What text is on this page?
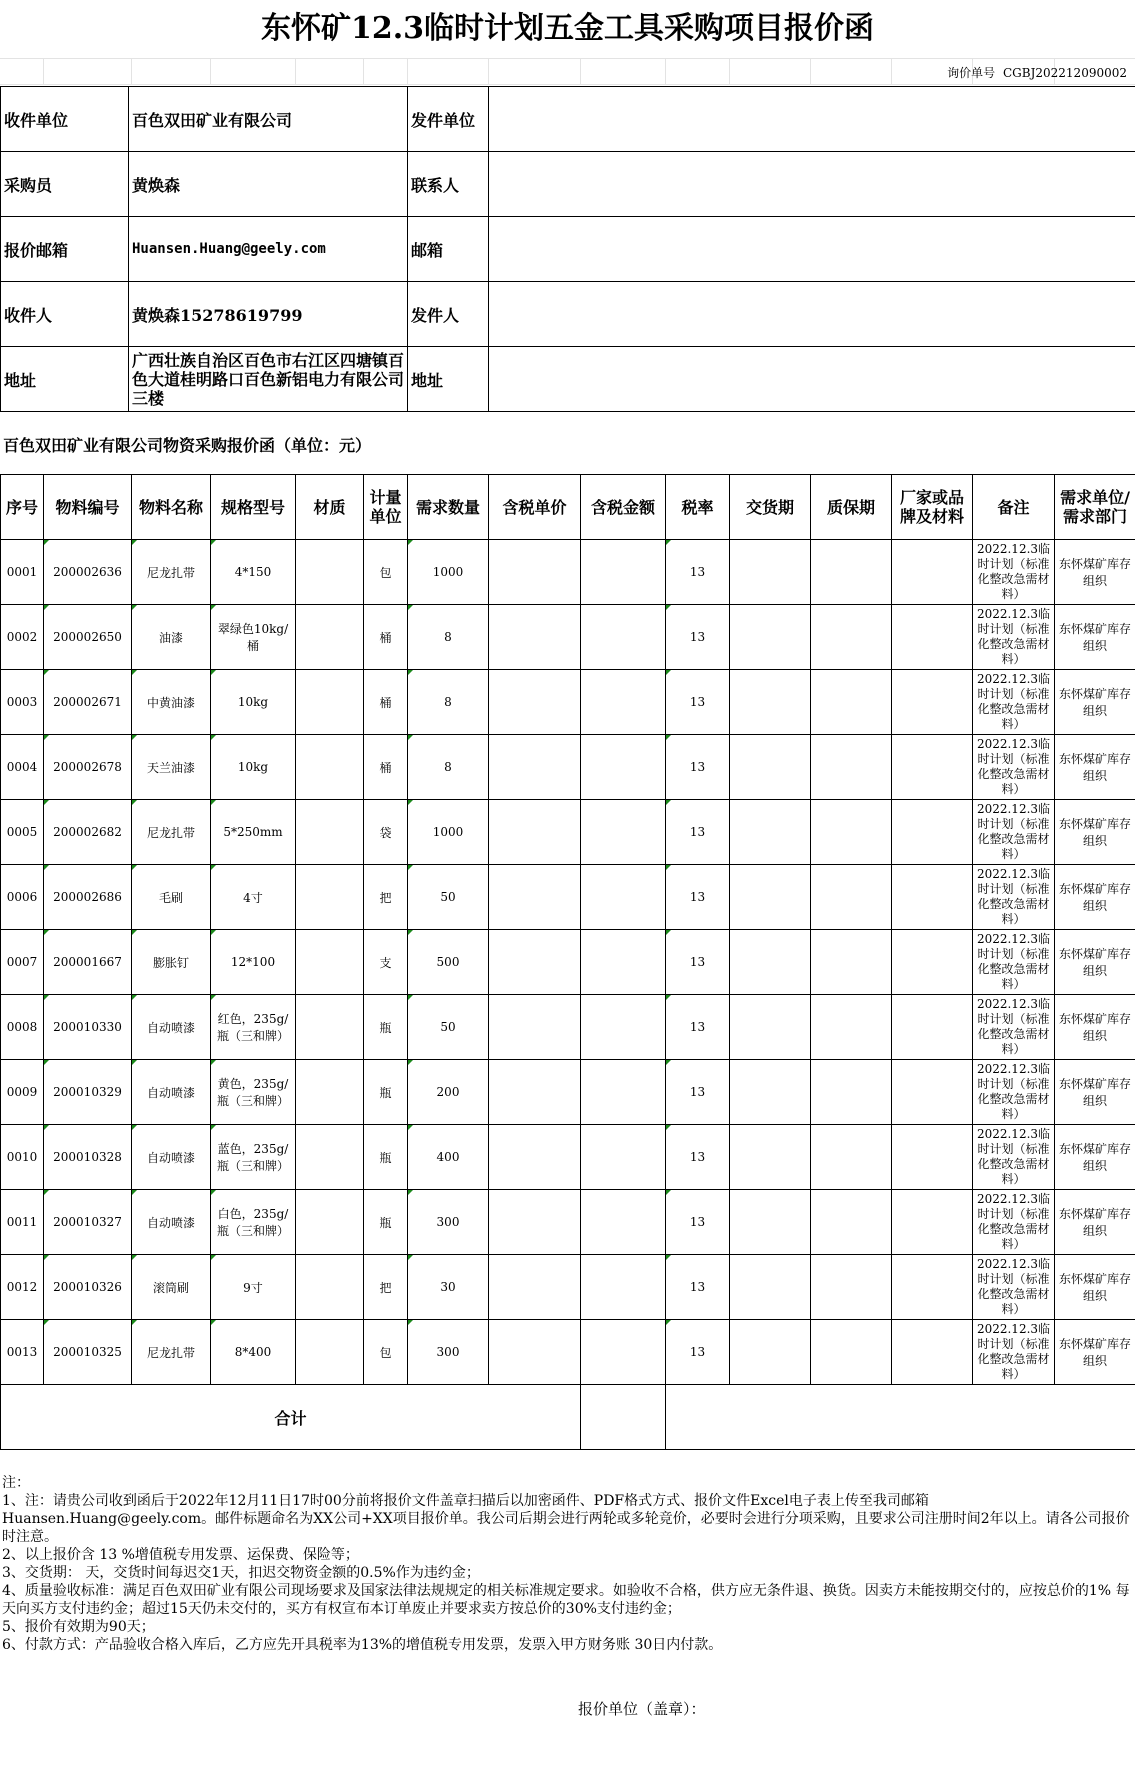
东怀矿12.3临时计划五金工具采购项目报价函
询价单号 CGBJ202212090002
收件单位	百色双田矿业有限公司	发件单位	
采购员	黄焕森	联系人	
报价邮箱	Huansen.Huang@geely.com	邮箱	
收件人	黄焕森15278619799	发件人	
地址	广西壮族自治区百色市右江区四塘镇百色大道桂明路口百色新铝电力有限公司三楼	地址	
百色双田矿业有限公司物资采购报价函（单位：元）
序号	物料编号	物料名称	规格型号	材质	计量单位	需求数量	含税单价	含税金额	税率	交货期	质保期	厂家或品牌及材料	备注	需求单位/需求部门
0001	200002636	尼龙扎带	4*150		包	1000			13				2022.12.3临时计划（标准化整改急需材料）	东怀煤矿库存组织
0002	200002650	油漆	翠绿色10kg/桶		桶	8			13				2022.12.3临时计划（标准化整改急需材料）	东怀煤矿库存组织
0003	200002671	中黄油漆	10kg		桶	8			13				2022.12.3临时计划（标准化整改急需材料）	东怀煤矿库存组织
0004	200002678	天兰油漆	10kg		桶	8			13				2022.12.3临时计划（标准化整改急需材料）	东怀煤矿库存组织
0005	200002682	尼龙扎带	5*250mm		袋	1000			13				2022.12.3临时计划（标准化整改急需材料）	东怀煤矿库存组织
0006	200002686	毛刷	4寸		把	50			13				2022.12.3临时计划（标准化整改急需材料）	东怀煤矿库存组织
0007	200001667	膨胀钉	12*100		支	500			13				2022.12.3临时计划（标准化整改急需材料）	东怀煤矿库存组织
0008	200010330	自动喷漆	红色，235g/瓶（三和牌）		瓶	50			13				2022.12.3临时计划（标准化整改急需材料）	东怀煤矿库存组织
0009	200010329	自动喷漆	黄色，235g/瓶（三和牌）		瓶	200			13				2022.12.3临时计划（标准化整改急需材料）	东怀煤矿库存组织
0010	200010328	自动喷漆	蓝色，235g/瓶（三和牌）		瓶	400			13				2022.12.3临时计划（标准化整改急需材料）	东怀煤矿库存组织
0011	200010327	自动喷漆	白色，235g/瓶（三和牌）		瓶	300			13				2022.12.3临时计划（标准化整改急需材料）	东怀煤矿库存组织
0012	200010326	滚筒刷	9寸		把	30			13				2022.12.3临时计划（标准化整改急需材料）	东怀煤矿库存组织
0013	200010325	尼龙扎带	8*400		包	300			13				2022.12.3临时计划（标准化整改急需材料）	东怀煤矿库存组织
合计														
注：
1、注：请贵公司收到函后于2022年12月11日17时00分前将报价文件盖章扫描后以加密函件、PDF格式方式、报价文件Excel电子表上传至我司邮箱Huansen.Huang@geely.com。邮件标题命名为XX公司+XX项目报价单。我公司后期会进行两轮或多轮竞价，必要时会进行分项采购，且要求公司注册时间2年以上。请各公司报价时注意。
2、以上报价含 13 %增值税专用发票、运保费、保险等；
3、交货期： 天，交货时间每迟交1天，扣迟交物资金额的0.5%作为违约金；
4、质量验收标准：满足百色双田矿业有限公司现场要求及国家法律法规规定的相关标准规定要求。如验收不合格，供方应无条件退、换货。因卖方未能按期交付的，应按总价的1% 每天向买方支付违约金；超过15天仍未交付的，买方有权宣布本订单废止并要求卖方按总价的30%支付违约金；
5、报价有效期为90天；
6、付款方式：产品验收合格入库后，乙方应先开具税率为13%的增值税专用发票，发票入甲方财务账 30日内付款。
报价单位（盖章）：
